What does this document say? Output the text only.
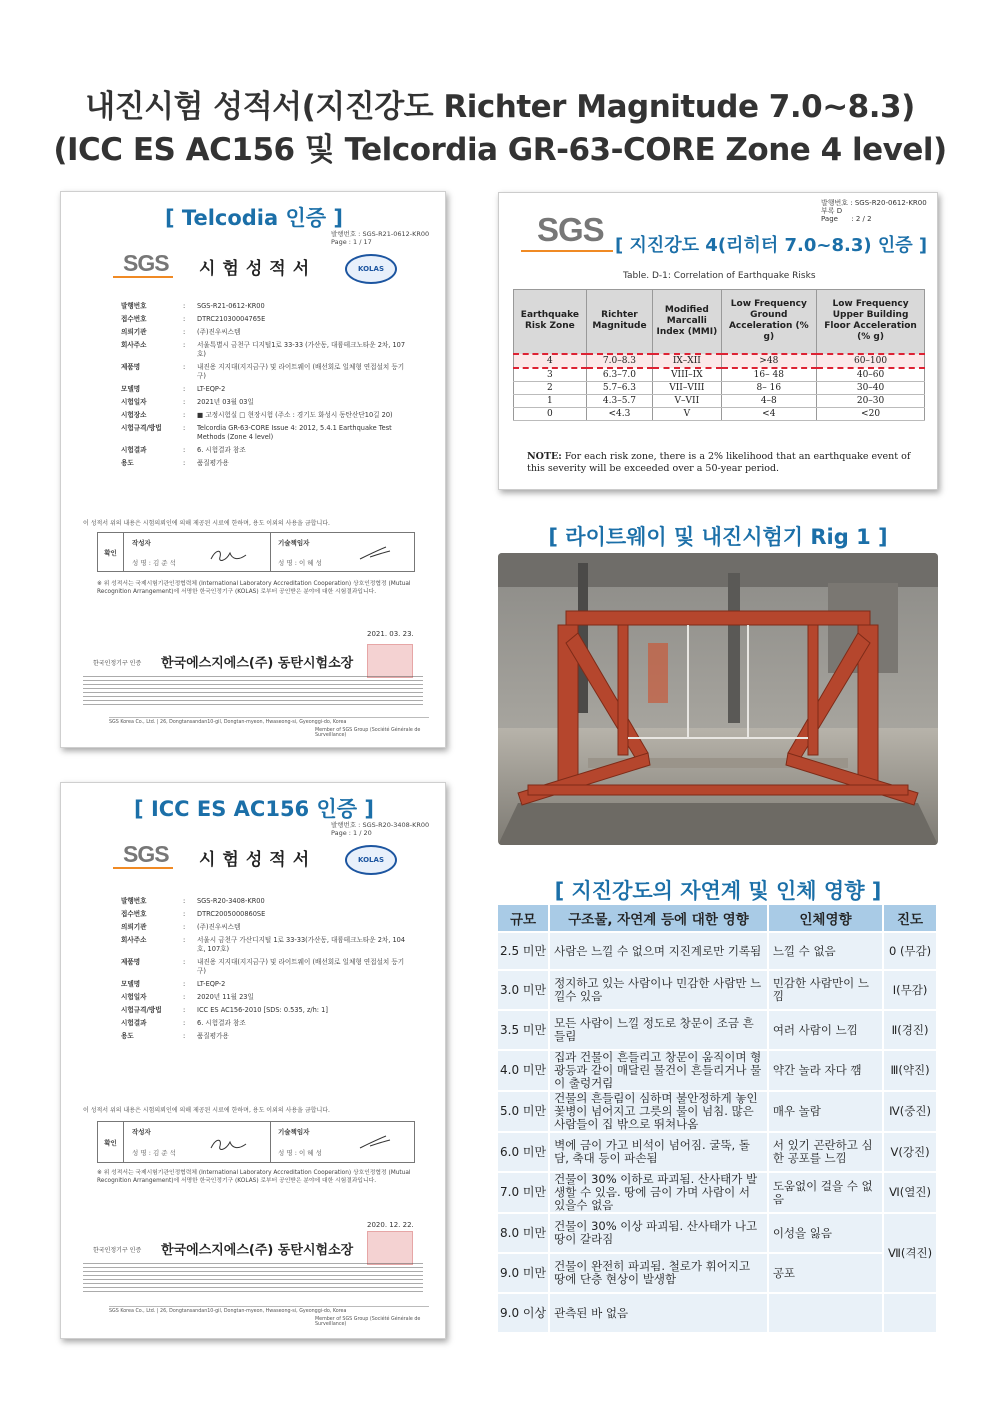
내진시험 성적서(지진강도 Richter Magnitude 7.0~8.3)
(ICC ES AC156 및 Telcordia GR-63-CORE Zone 4 level)
[ Telcodia 인증 ]
발행번호 : SGS-R21-0612-KR00
Page : 1 / 17
SGS 시험성적서	KOLAS
발행번호	:	SGS-R21-0612-KR00
접수번호	:	DTRC21030004765E
의뢰기관	:	(주)진우씨스템
회사주소	:	서울특별시 금천구 디지털1로 33-33 (가산동, 대륭테크노타운 2차, 107호)
제품명	:	내진용 지지대(지지금구) 및 라이트웨이 (배선회로 일체형 연접설치 등기구)
모델명	:	LT-EQP-2
시험일자	:	2021년 03월 03일
시험장소	:	■ 고정시험실 □ 현장시험 (주소 : 경기도 화성시 동탄산단10길 20)
시험규격/방법	:	Telcordia GR-63-CORE Issue 4: 2012, 5.4.1 Earthquake Test Methods (Zone 4 level)
시험결과	:	6. 시험결과 참조
용도	:	품질평가용
이 성적서 위의 내용은 시험의뢰인에 의해 제공된 시료에 한하며, 용도 이외의 사용을 금합니다.
확인
작성자
성 명 : 김 준 석
기술책임자
성 명 : 이 혜 성
※ 위 성적서는 국제시험기관인정협력체 (International Laboratory Accreditation Cooperation) 상호인정협정 (Mutual Recognition Arrangement)에 서명한 한국인정기구 (KOLAS) 로부터 공인받은 분야에 대한 시험결과입니다.
2021. 03. 23.
한국인정기구 인증 한국에스지에스(주) 동탄시험소장
SGS Korea Co., Ltd. | 26, Dongtansandan10-gil, Dongtan-myeon, Hwaseong-si, Gyeonggi-do, Korea
Member of SGS Group (Société Générale de Surveillance)
[ ICC ES AC156 인증 ]
발행번호 : SGS-R20-3408-KR00
Page : 1 / 20
SGS 시험성적서	KOLAS
발행번호	:	SGS-R20-3408-KR00
접수번호	:	DTRC2005000860SE
의뢰기관	:	(주)진우씨스템
회사주소	:	서울시 금천구 가산디지털 1로 33-33(가산동, 대륭테크노타운 2차, 104호, 107호)
제품명	:	내진용 지지대(지지금구) 및 라이트웨이 (배선회로 일체형 연접설치 등기구)
모델명	:	LT-EQP-2
시험일자	:	2020년 11월 23일
시험규격/방법	:	ICC ES AC156-2010 [SDS: 0.535, z/h: 1]
시험결과	:	6. 시험결과 참조
용도	:	품질평가용
이 성적서 위의 내용은 시험의뢰인에 의해 제공된 시료에 한하며, 용도 이외의 사용을 금합니다.
확인
작성자
성 명 : 김 준 석
기술책임자
성 명 : 이 혜 성
※ 위 성적서는 국제시험기관인정협력체 (International Laboratory Accreditation Cooperation) 상호인정협정 (Mutual Recognition Arrangement)에 서명한 한국인정기구 (KOLAS) 로부터 공인받은 분야에 대한 시험결과입니다.
2020. 12. 22.
한국인정기구 인증 한국에스지에스(주) 동탄시험소장
SGS Korea Co., Ltd. | 26, Dongtansandan10-gil, Dongtan-myeon, Hwaseong-si, Gyeonggi-do, Korea
Member of SGS Group (Société Générale de Surveillance)
발행번호 : SGS-R20-0612-KR00
부록 D
Page      : 2 / 2
SGS [ 지진강도 4(리히터 7.0~8.3) 인증 ]
Table. D-1: Correlation of Earthquake Risks
Earthquake Risk Zone	Richter Magnitude	Modified Marcalli Index (MMI)	Low Frequency Ground Acceleration (% g)	Low Frequency Upper Building Floor Acceleration (% g)
4	7.0–8.3	IX–XII	>48	60–100
3	6.3–7.0	VIII–IX	16– 48	40–60
2	5.7–6.3	VII–VIII	8– 16	30–40
1	4.3–5.7	V–VII	4–8	20–30
0	<4.3	V	<4	<20
NOTE: For each risk zone, there is a 2% likelihood that an earthquake event of this severity will be exceeded over a 50-year period.
[ 라이트웨이 및 내진시험기 Rig 1 ]
[ 지진강도의 자연계 및 인체 영향 ]
규모	구조물, 자연계 등에 대한 영향	인체영향	진도
2.5 미만	사람은 느낄 수 없으며 지진계로만 기록됨	느낄 수 없음	0 (무감)
3.0 미만	정지하고 있는 사람이나 민감한 사람만 느낄수 있음	민감한 사람만이 느낌	Ⅰ(무감)
3.5 미만	모든 사람이 느낄 정도로 창문이 조금 흔들림	여러 사람이 느낌	Ⅱ(경진)
4.0 미만	집과 건물이 흔들리고 창문이 움직이며 형광등과 같이 매달린 물건이 흔들리거나 물이 출렁거림	약간 놀라 자다 깸	Ⅲ(약진)
5.0 미만	건물의 흔들림이 심하며 불안정하게 놓인 꽃병이 넘어지고 그릇의 물이 넘침. 많은 사람들이 집 밖으로 뛰쳐나옴	매우 놀람	Ⅳ(중진)
6.0 미만	벽에 금이 가고 비석이 넘어짐. 굴뚝, 돌담, 축대 등이 파손됨	서 있기 곤란하고 심한 공포를 느낌	Ⅴ(강진)
7.0 미만	건물이 30% 이하로 파괴됨. 산사태가 발생할 수 있음. 땅에 금이 가며 사람이 서 있을수 없음	도움없이 걸을 수 없음	Ⅵ(열진)
8.0 미만	건물이 30% 이상 파괴됨. 산사태가 나고 땅이 갈라짐	이성을 잃음	Ⅶ(격진)
9.0 미만	건물이 완전히 파괴됨. 철로가 휘어지고 땅에 단층 현상이 발생함	공포	
9.0 이상	관측된 바 없음		
